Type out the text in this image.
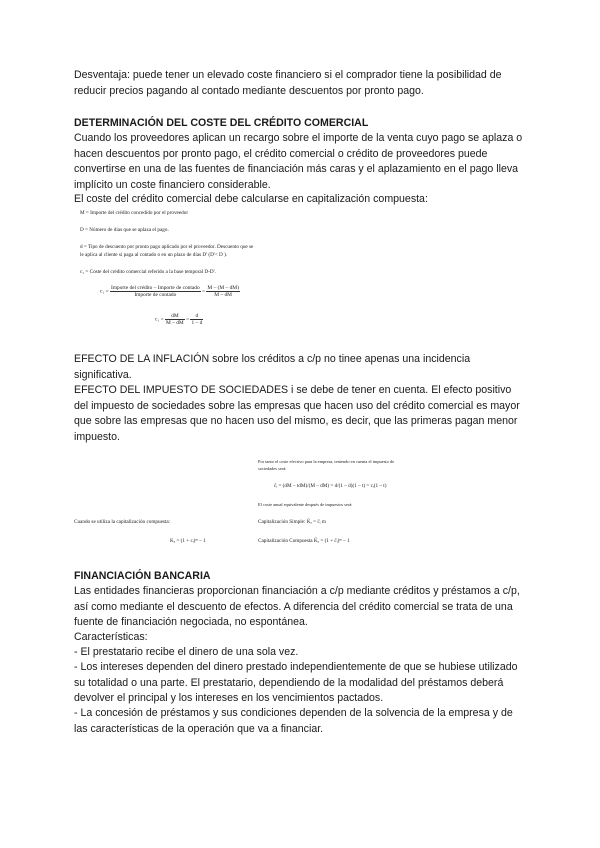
Desventaja: puede tener un elevado coste financiero si el comprador tiene la posibilidad de reducir precios pagando al contado mediante descuentos por pronto pago.

DETERMINACIÓN DEL COSTE DEL CRÉDITO COMERCIAL

Cuando los proveedores aplican un recargo sobre el importe de la venta cuyo pago se aplaza o hacen descuentos por pronto pago, el crédito comercial o crédito de proveedores puede convertirse en una de las fuentes de financiación más caras y el aplazamiento en el pago lleva implícito un coste financiero considerable.

El coste del crédito comercial debe calcularse en capitalización compuesta:

M = Importe del crédito concedido por el proveedor

D = Número de días que se aplaza el pago.

d = Tipo de descuento por pronto pago aplicado por el proveedor. Descuento que se

le aplica al cliente si paga al contado o en un plazo de días D' (D'< D ).

c₁ = Coste del crédito comercial referido a la base temporal D-D'.

$c_1 = \frac{\text{Importe del crédito – Importe de contado}}{\text{Importe de contado}} = \frac{M - (M - dM)}{M - dM}$
$c_1 = \frac{dM}{M - dM} = \frac{d}{1 - d}$

EFECTO DE LA INFLACIÓN sobre los créditos a c/p no tinee apenas una incidencia significativa.

EFECTO DEL IMPUESTO DE SOCIEDADES i se debe de tener en cuenta. El efecto positivo del impuesto de sociedades sobre las empresas que hacen uso del crédito comercial es mayor que sobre las empresas que no hacen uso del mismo, es decir, que las primeras pagan menor impuesto.

Por tanto el coste efectivo para la empresa, teniendo en cuenta el impuesto de

sociedades será:

c̄ᵢ = (dM – tdM)/(M – dM) = d/(1 – d)(1 – t) = cᵢ(1 – t)

El coste anual equivalente después de impuestos será:

Cuando se utiliza la capitalización compuesta:	Capitalización Simple: K̄ₐ = c̄ᵢ m

Kₐ = (1 + cᵢ)ᵐ – 1	Capitalización Compuesta K̄ₐ = (1 + c̄ᵢ)ᵐ – 1

FINANCIACIÓN BANCARIA

Las entidades financieras proporcionan financiación a c/p mediante créditos y préstamos a c/p, así como mediante el descuento de efectos. A diferencia del crédito comercial se trata de una fuente de financiación negociada, no espontánea.

Características:

- El prestatario recibe el dinero de una sola vez.

- Los intereses dependen del dinero prestado independientemente de que se hubiese utilizado su totalidad o una parte. El prestatario, dependiendo de la modalidad del préstamos deberá devolver el principal y los intereses en los vencimientos pactados.

- La concesión de préstamos y sus condiciones dependen de la solvencia de la empresa y de las características de la operación que va a financiar.
